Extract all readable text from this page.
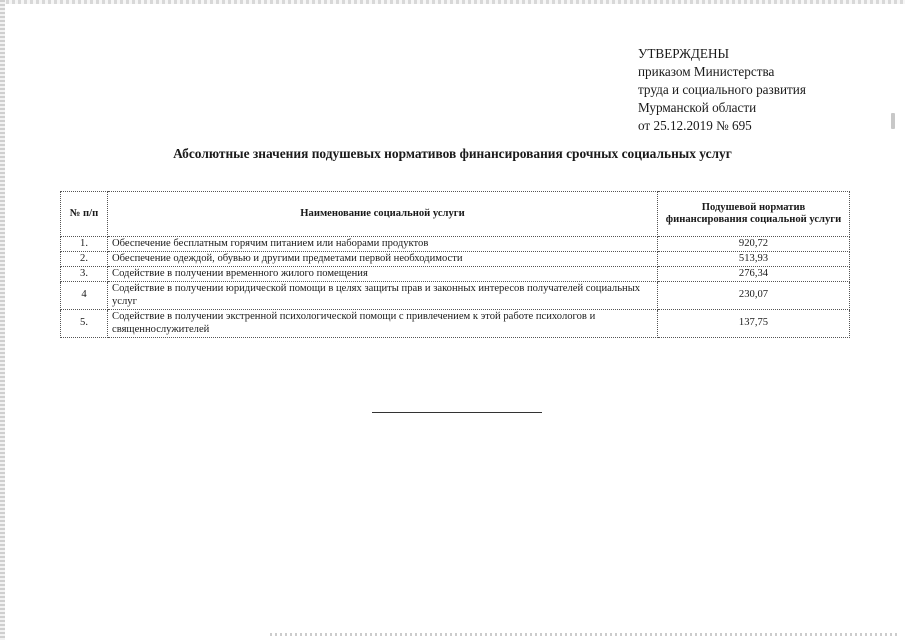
УТВЕРЖДЕНЫ
приказом Министерства
труда и социального развития
Мурманской области
от 25.12.2019 № 695
Абсолютные значения подушевых нормативов финансирования срочных социальных услуг
№ п/п	Наименование социальной услуги	Подушевой норматив финансирования социальной услуги
1.	Обеспечение бесплатным горячим питанием или наборами продуктов	920,72
2.	Обеспечение одеждой, обувью и другими предметами первой необходимости	513,93
3.	Содействие в получении временного жилого помещения	276,34
4	Содействие в получении юридической помощи в целях защиты прав и законных интересов получателей социальных услуг	230,07
5.	Содействие в получении экстренной психологической помощи с привлечением к этой работе психологов и священнослужителей	137,75
